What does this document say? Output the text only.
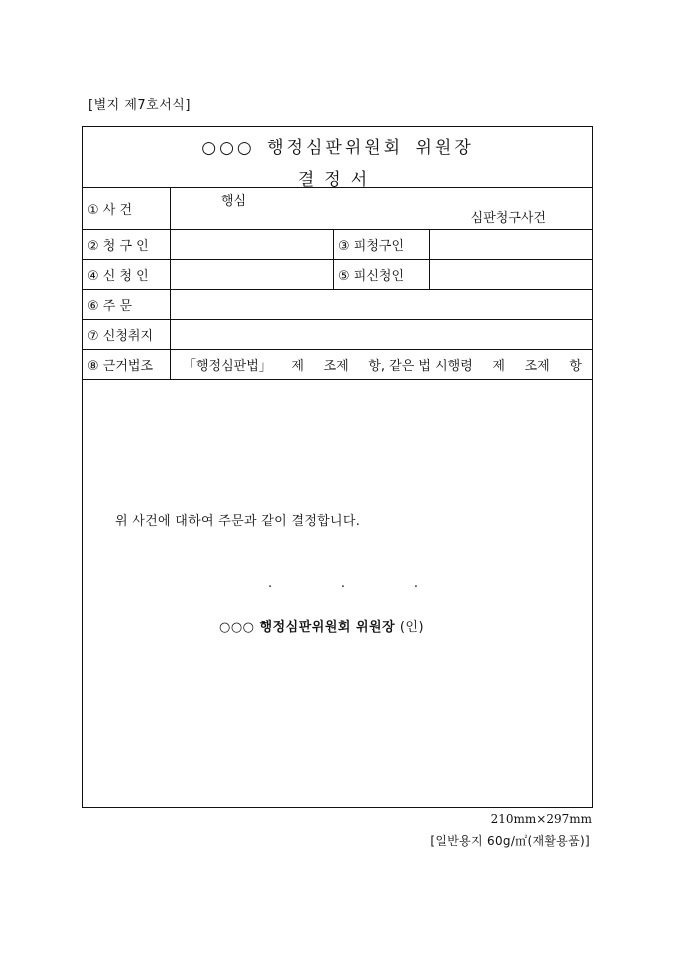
[별지 제7호서식]
○○○ 행정심판위원회 위원장
결정서
① 사 건
행심
심판청구사건
② 청 구 인	③ 피청구인
④ 신 청 인	⑤ 피신청인
⑥ 주 문
⑦ 신청취지
⑧ 근거법조	「행정심판법」 제 조제 항, 같은 법 시행령 제 조제 항
위 사건에 대하여 주문과 같이 결정합니다.
.	.	.
○○○ 행정심판위원회 위원장 (인)
210mm×297mm
[일반용지 60g/㎡(재활용품)]
